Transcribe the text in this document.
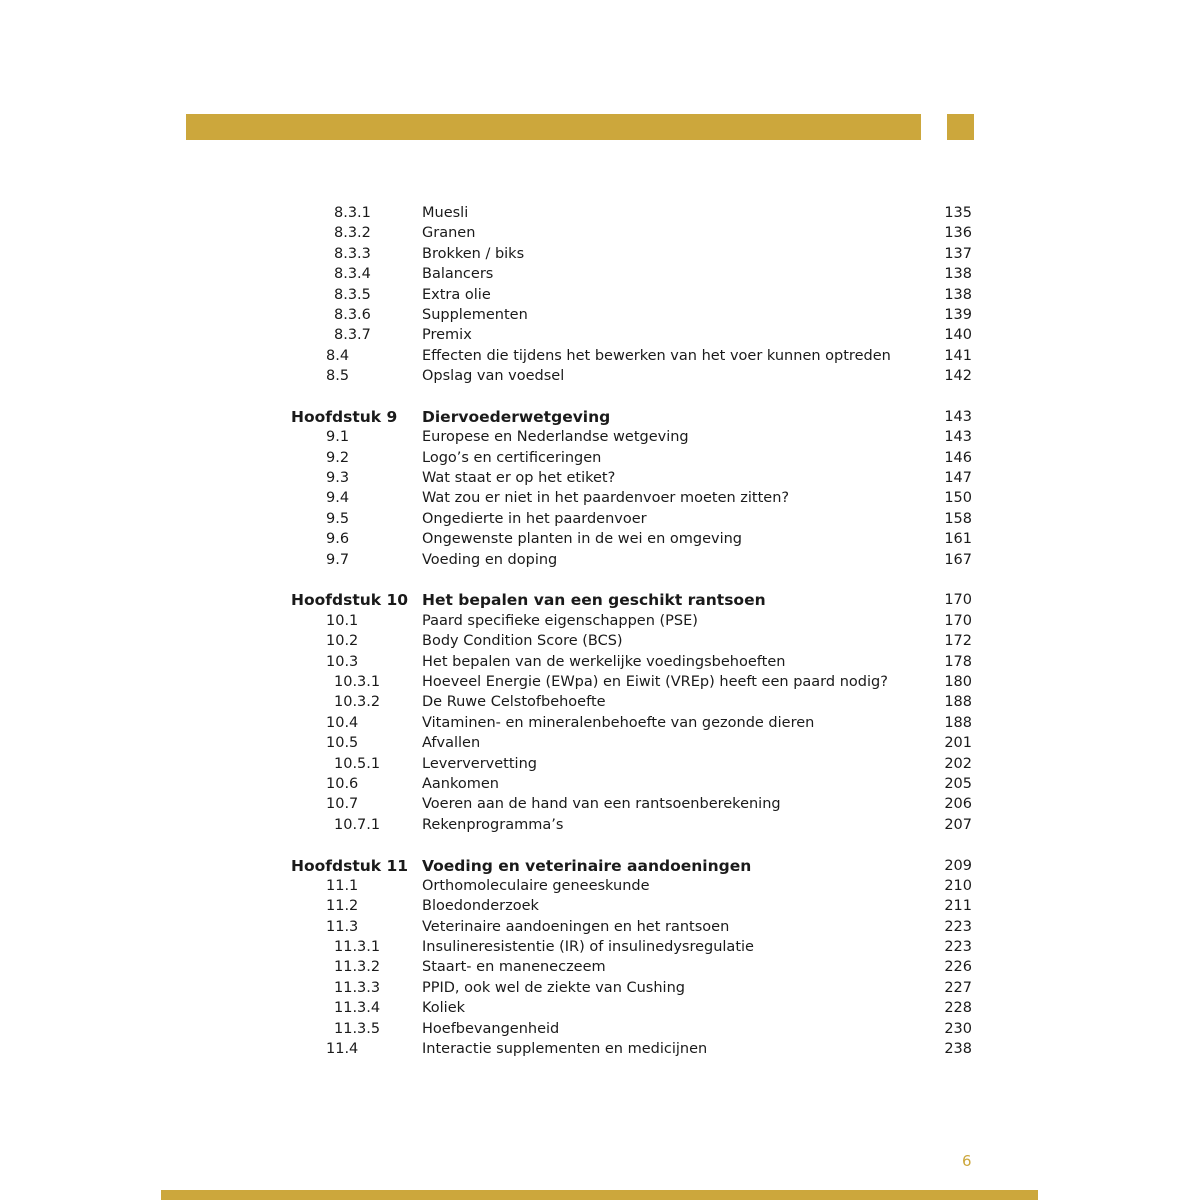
8.3.1	Muesli	135
8.3.2	Granen	136
8.3.3	Brokken / biks	137
8.3.4	Balancers	138
8.3.5	Extra olie	138
8.3.6	Supplementen	139
8.3.7	Premix	140
8.4	Effecten die tijdens het bewerken van het voer kunnen optreden	141
8.5	Opslag van voedsel	142
Hoofdstuk 9 Diervoederwetgeving	143
9.1	Europese en Nederlandse wetgeving	143
9.2	Logo’s en certificeringen	146
9.3	Wat staat er op het etiket?	147
9.4	Wat zou er niet in het paardenvoer moeten zitten?	150
9.5	Ongedierte in het paardenvoer	158
9.6	Ongewenste planten in de wei en omgeving	161
9.7	Voeding en doping	167
Hoofdstuk 10 Het bepalen van een geschikt rantsoen	170
10.1	Paard specifieke eigenschappen (PSE)	170
10.2	Body Condition Score (BCS)	172
10.3	Het bepalen van de werkelijke voedingsbehoeften	178
10.3.1	Hoeveel Energie (EWpa) en Eiwit (VREp) heeft een paard nodig?	180
10.3.2	De Ruwe Celstofbehoefte	188
10.4	Vitaminen- en mineralenbehoefte van gezonde dieren	188
10.5	Afvallen	201
10.5.1	Leververvetting	202
10.6	Aankomen	205
10.7	Voeren aan de hand van een rantsoenberekening	206
10.7.1	Rekenprogramma’s	207
Hoofdstuk 11 Voeding en veterinaire aandoeningen	209
11.1	Orthomoleculaire geneeskunde	210
11.2	Bloedonderzoek	211
11.3	Veterinaire aandoeningen en het rantsoen	223
11.3.1	Insulineresistentie (IR) of insulinedysregulatie	223
11.3.2	Staart- en maneneczeem	226
11.3.3	PPID, ook wel de ziekte van Cushing	227
11.3.4	Koliek	228
11.3.5	Hoefbevangenheid	230
11.4	Interactie supplementen en medicijnen	238
6
